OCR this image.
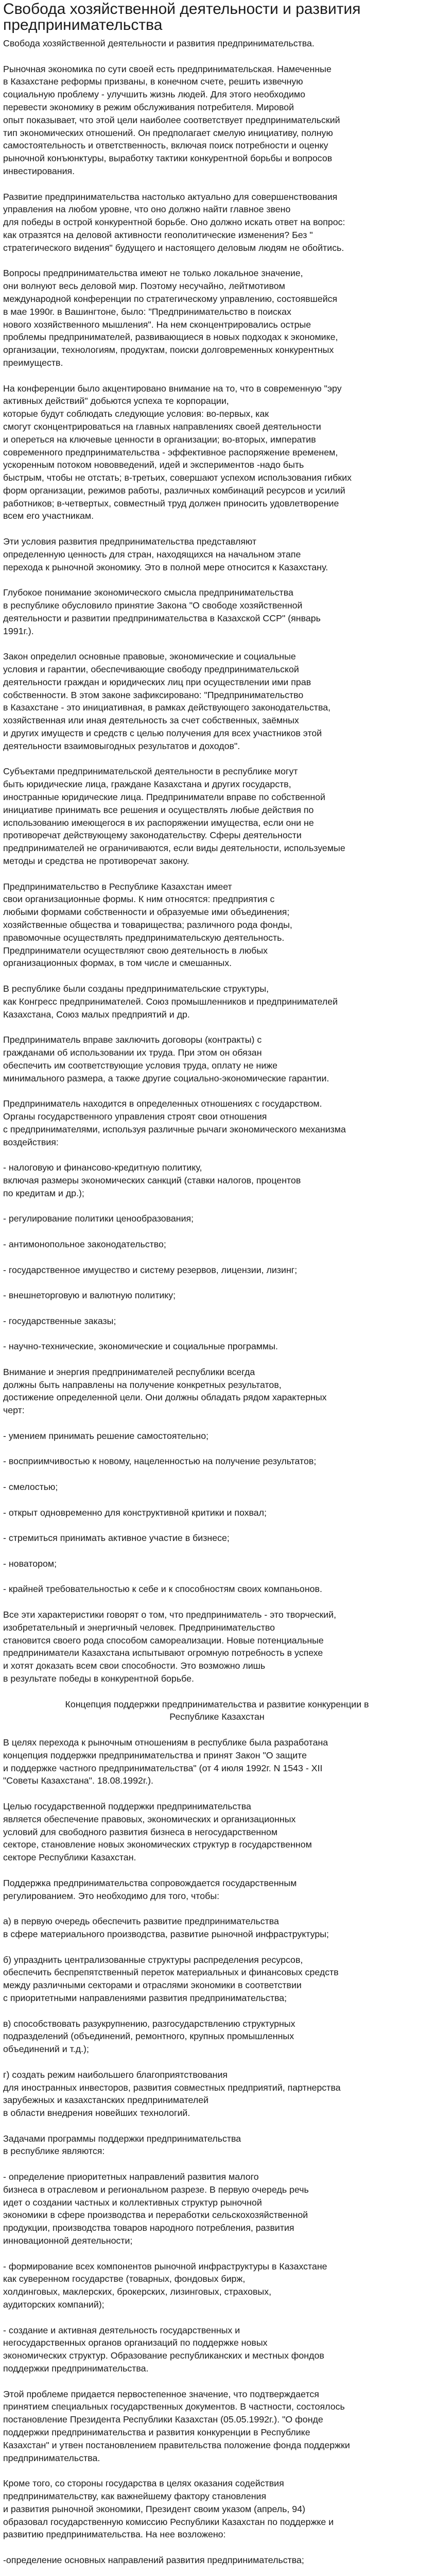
Свобода хозяйственной деятельности и развития предпринимательства

Свобода хозяйственной деятельности и развития предпринимательства.

Рыночная экономика по сути своей есть предпринимательская. Намеченные
в Казахстане реформы призваны, в конечном счете, решить извечную
социальную проблему - улучшить жизнь людей. Для этого необходимо
перевести экономику в режим обслуживания потребителя. Мировой
опыт показывает, что этой цели наиболее соответствует предпринимательский
тип экономических отношений. Он предполагает смелую инициативу, полную
самостоятельность и ответственность, включая поиск потребности и оценку
рыночной конъюнктуры, выработку тактики конкурентной борьбы и вопросов
инвестирования.

Развитие предпринимательства настолько актуально для совершенствования
управления на любом уровне, что оно должно найти главное звено
для победы в острой конкурентной борьбе. Оно должно искать ответ на вопрос:
как отразятся на деловой активности геополитические изменения? Без "
стратегического видения" будущего и настоящего деловым людям не обойтись.

Вопросы предпринимательства имеют не только локальное значение,
они волнуют весь деловой мир. Поэтому несучайно, лейтмотивом
международной конференции по стратегическому управлению, состоявшейся
в мае 1990г. в Вашингтоне, было: "Предпринимательство в поисках
нового хозяйственного мышления". На нем сконцентрировались острые
проблемы предпринимателей, развивающиеся в новых подходах к экономике,
организации, технологиям, продуктам, поиски долговременных конкурентных
преимуществ.

На конференции было акцентировано внимание на то, что в современную "эру
активных действий" добьются успеха те корпорации,
которые будут соблюдать следующие условия: во-первых, как
смогут сконцентрироваться на главных направлениях своей деятельности
и опереться на ключевые ценности в организации; во-вторых, императив
современного предпринимательства - эффективное распоряжение временем,
ускоренным потоком нововведений, идей и экспериментов -надо быть
быстрым, чтобы не отстать; в-третьих, совершают успехом использования гибких
форм организации, режимов работы, различных комбинаций ресурсов и усилий
работников; в-четвертых, совместный труд должен приносить удовлетворение
всем его участникам.

Эти условия развития предпринимательства представляют
определенную ценность для стран, находящихся на начальном этапе
перехода к рыночной экономику. Это в полной мере относится к Казахстану.

Глубокое понимание экономического смысла предпринимательства
в республике обусловило принятие Закона "О свободе хозяйственной
деятельности и развитии предпринимательства в Казахской ССР" (январь
1991г.).

Закон определил основные правовые, экономические и социальные
условия и гарантии, обеспечивающие свободу предпринимательской
деятельности граждан и юридических лиц при осуществлении ими прав
собственности. В этом законе зафиксировано: "Предпринимательство
в Казахстане - это инициативная, в рамках действующего законодательства,
хозяйственная или иная деятельность за счет собственных, заёмных
и других имуществ и средств с целью получения для всех участников этой
деятельности взаимовыгодных результатов и доходов".

Субъектами предпринимательской деятельности в республике могут
быть юридические лица, граждане Казахстана и других государств,
иностранные юридические лица. Предприниматели вправе по собственной
инициативе принимать все решения и осуществлять любые действия по
использованию имеющегося в их распоряжении имущества, если они не
противоречат действующему законодательству. Сферы деятельности
предпринимателей не ограничиваются, если виды деятельности, используемые
методы и средства не противоречат закону.

Предпринимательство в Республике Казахстан имеет
свои организационные формы. К ним относятся: предприятия с
любыми формами собственности и образуемые ими объединения;
хозяйственные общества и товарищества; различного рода фонды,
правомочные осуществлять предпринимательскую деятельность.
Предприниматели осуществляют свою деятельность в любых
организационных формах, в том числе и смешанных.

В республике были созданы предпринимательские структуры,
как Конгресс предпринимателей. Союз промышленников и предпринимателей
Казахстана, Союз малых предприятий и др.

Предприниматель вправе заключить договоры (контракты) с
гражданами об использовании их труда. При этом он обязан
обеспечить им соответствующие условия труда, оплату не ниже
минимального размера, а также другие социально-экономические гарантии.

Предприниматель находится в определенных отношениях с государством.
Органы государственного управления строят свои отношения
с предпринимателями, используя различные рычаги экономического механизма
воздействия:

- налоговую и финансово-кредитную политику,
включая размеры экономических санкций (ставки налогов, процентов
по кредитам и др.);

- регулирование политики ценообразования;

- антимонопольное законодательство;

- государственное имущество и систему резервов, лицензии, лизинг;

- внешнеторговую и валютную политику;

- государственные заказы;

- научно-технические, экономические и социальные программы.

Внимание и энергия предпринимателей республики всегда
должны быть направлены на получение конкретных результатов,
достижение определенной цели. Они должны обладать рядом характерных
черт:

- умением принимать решение самостоятельно;

- восприимчивостью к новому, нацеленностью на получение результатов;

- смелостью;

- открыт одновременно для конструктивной критики и похвал;

- стремиться принимать активное участие в бизнесе;

- новатором;

- крайней требовательностью к себе и к способностям своих компаньонов.

Все эти характеристики говорят о том, что предприниматель - это творческий,
изобретательный и энергичный человек. Предпринимательство
становится своего рода способом самореализации. Новые потенциальные
предприниматели Казахстана испытывают огромную потребность в успехе
и хотят доказать всем свои способности. Это возможно лишь
в результате победы в конкурентной борьбе.

Концепция поддержки предпринимательства и развитие конкуренции в
Республике Казахстан

В целях перехода к рыночным отношениям в республике была разработана
концепция поддержки предпринимательства и принят Закон "О защите
и поддержке частного предпринимательства" (от 4 июля 1992г. N 1543 - XII
"Советы Казахстана". 18.08.1992г.).

Целью государственной поддержки предпринимательства
является обеспечение правовых, экономических и организационных
условий для свободного развития бизнеса в негосударственном
секторе, становление новых экономических структур в государственном
секторе Республики Казахстан.

Поддержка предпринимательства сопровождается государственным
регулированием. Это необходимо для того, чтобы:

а) в первую очередь обеспечить развитие предпринимательства
в сфере материального производства, развитие рыночной инфраструктуры;

б) упразднить централизованные структуры распределения ресурсов,
обеспечить беспрепятственный переток материальных и финансовых средств
между различными секторами и отраслями экономики в соответствии
с приоритетными направлениями развития предпринимательства;

в) способствовать разукрупнению, разгосударствлению структурных
подразделений (объединений, ремонтного, крупных промышленных
объединений и т.д.);

г) создать режим наибольшего благоприятствования
для иностранных инвесторов, развития совместных предприятий, партнерства
зарубежных и казахстанских предпринимателей
в области внедрения новейших технологий.

Задачами программы поддержки предпринимательства
в республике являются:

- определение приоритетных направлений развития малого
бизнеса в отраслевом и региональном разрезе. В первую очередь речь
идет о создании частных и коллективных структур рыночной
экономики в сфере производства и переработки сельскохозяйственной
продукции, производства товаров народного потребления, развития
инновационной деятельности;

- формирование всех компонентов рыночной инфраструктуры в Казахстане
как суверенном государстве (товарных, фондовых бирж,
холдинговых, маклерских, брокерских, лизинговых, страховых,
аудиторских компаний);

- создание и активная деятельность государственных и
негосударственных органов организаций по поддержке новых
экономических структур. Образование республиканских и местных фондов
поддержки предпринимательства.

Этой проблеме придается первостепенное значение, что подтверждается
принятием специальных государственных документов. В частности, состоялось
постановление Президента Республики Казахстан (05.05.1992г.). "О фонде
поддержки предпринимательства и развития конкуренции в Республике
Казахстан" и утвен постановлением правительства положение фонда поддержки
предпринимательства.

Кроме того, со стороны государства в целях оказания содействия
предпринимательству, как важнейшему фактору становления
и развития рыночной экономики, Президент своим указом (апрель, 94)
образовал государственную комиссию Республики Казахстан по поддержке и
развитию предпринимательства. На нее возложено:

-определение основных направлений развития предпринимательства;
